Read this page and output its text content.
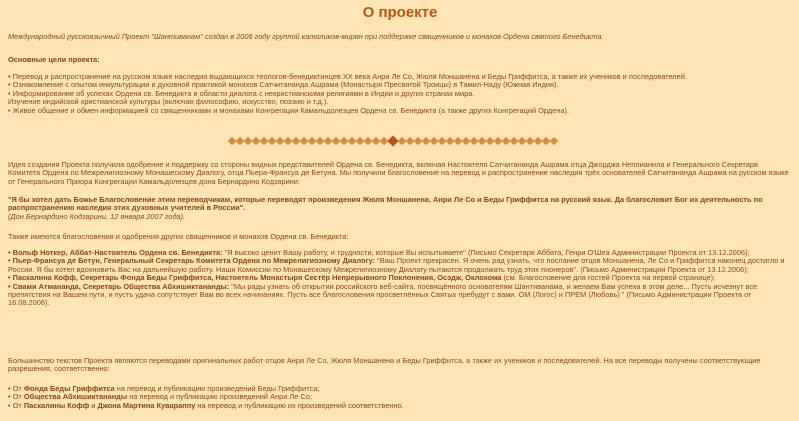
О проекте

Международный русскоязычный Проект "Шантиванам" создан в 2006 году группой католиков-мирян при поддержке священников и монахов Ордена святого Бенедикта.

Основные цели проекта:

• Перевод и распространение на русском языке наследия выдающихся теологов-бенедиктинцев XX века Анри Ле Со, Жюля Моншанена и Беды Гриффитса, а также их учеников и последователей.

• Ознакомление с опытом инкультурации и духовной практикой монахов Сатчитананда Ашрама (Монастыря Пресвятой Троицы) в Тамил-Наду (Южная Индия).

• Информирование об успехах Ордена св. Бенедикта в области диалога с нехристианскими религиями в Индии и других странах мира.

Изучение индийской христианской культуры (включая философию, искусство, поэзию и т.д.).

• Живое общение и обмен информацией со священниками и монахами Конгрегации Камальдолезцев Ордена св. Бенедикта (а также других Конгрегаций Ордена).

Идея создания Проекта получила одобрение и поддержку со стороны видных представителей Ордена св. Бенедикта, включая Настоятеля Сатчитананда Ашрама отца Джорджа Неплианила и Генерального Секретаря Комитета Ордена по Межрелигиозному Монашескому Диалогу, отца Пьера-Франсуа де Бетуна. Мы получили благословение на перевод и распространение наследия трёх основателей Сатчитананда Ашрама на русском языке от Генерального Приора Конгрегации Камальдолезцев дона Бернардино Кодзарини:

"Я бы хотел дать Божье Благословение этим переводчикам, которые переводят произведения Жюля Моншанена, Анри Ле Со и Беды Гриффитса на русский язык. Да благословит Бог их деятельность по распространению наследия этих духовных учителей в России".
(Дон Бернардино Кодзарини, 12 января 2007 года).

Также имеются благословения и одобрения других священников и монахов Ордена св. Бенедикта:

• Вольф Ноткер, Аббат-Настоятель Ордена св. Бенедикта: "Я высоко ценит Вашу работу, и трудности, которые Вы испытываете" (Письмо Секретаря Аббата, Генри О'Шеа Администрации Проекта от 13.12.2006);

• Пьер-Франсуа де Бетун, Генеральный Секретарь Комитета Ордена по Межрелигиозному Диалогу: "Ваш Проект прекрасен. Я очень рад узнать, что послание отцов Моншанена, Ле Со и Гриффитса наконец достигло и России. Я бы хотел вдохновить Вас на дальнейшую работу. Наши Комиссии по Монашескому Межрелигиозному Диалогу пытаются продолжать труд этих пионеров". (Письмо Администрации Проекта от 13.12.2006);

• Паскалина Кофф, Секретарь Фонда Беды Гриффитса, Настоятель Монастыря Сестёр Непрерывного Поклонения, Осэдж, Оклохома (см. Благословение для гостей Проекта на первой странице);

• Свами Атмананда, Секретарь Общества Абхишиктананды: "Мы рады узнать об открытии российского веб-сайта, посвящённого основателям Шантиванама, и желаем Вам успеха в этом деле... Пусть исчезнут все препятствия на Вашем пути, и пусть удача сопутствует Вам во всех начинаниях. Пусть все благословения просветлённых Святых пребудут с вами. ОМ (Логос) и ПРЕМ (Любовь) " (Письмо Администрации Проекта от 16.08.2006).

Большинство текстов Проекта являются переводами оригинальных работ отцов Анри Ле Со, Жюля Моншанена и Беды Гриффитса, а также их учеников и последователей. На все переводы получены соответствующие разрешения, соответственно:

• От Фонда Беды Гриффитса на перевод и публикацию произведений Беды Гриффитса;

• От Общества Абхишиктананды на перевод и публикацию произведений Анри Ле Со;

• От Паскалины Кофф и Джона Мартина Кувараппу на перевод и публикацию их произведений соответственно.
